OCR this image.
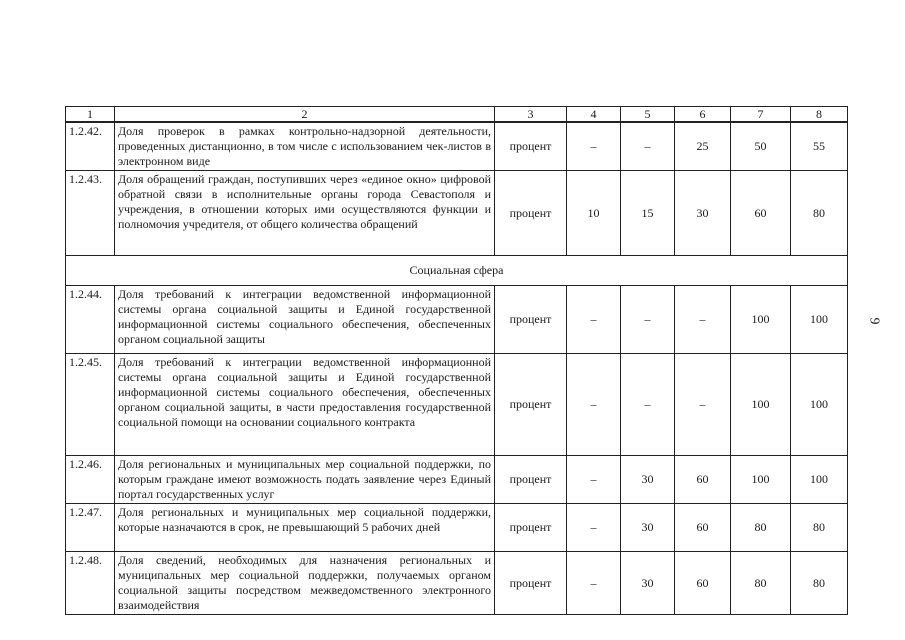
1	2	3	4	5	6	7	8
1.2.42.	Доля проверок в рамках контрольно-надзорной деятельности, проведенных дистанционно, в том числе с использованием чек-листов в электронном виде	процент	–	–	25	50	55
1.2.43.	Доля обращений граждан, поступивших через «единое окно» цифровой обратной связи в исполнительные органы города Севастополя и учреждения, в отношении которых ими осуществляются функции и полномочия учредителя, от общего количества обращений	процент	10	15	30	60	80
Социальная сфера							
1.2.44.	Доля требований к интеграции ведомственной информационной системы органа социальной защиты и Единой государственной информационной системы социального обеспечения, обеспеченных органом социальной защиты	процент	–	–	–	100	100
1.2.45.	Доля требований к интеграции ведомственной информационной системы органа социальной защиты и Единой государственной информационной системы социального обеспечения, обеспеченных органом социальной защиты, в части предоставления государственной социальной помощи на основании социального контракта	процент	–	–	–	100	100
1.2.46.	Доля региональных и муниципальных мер социальной поддержки, по которым граждане имеют возможность подать заявление через Единый портал государственных услуг	процент	–	30	60	100	100
1.2.47.	Доля региональных и муниципальных мер социальной поддержки, которые назначаются в срок, не превышающий 5 рабочих дней	процент	–	30	60	80	80
1.2.48.	Доля сведений, необходимых для назначения региональных и муниципальных мер социальной поддержки, получаемых органом социальной защиты посредством межведомственного электронного взаимодействия	процент	–	30	60	80	80
9
